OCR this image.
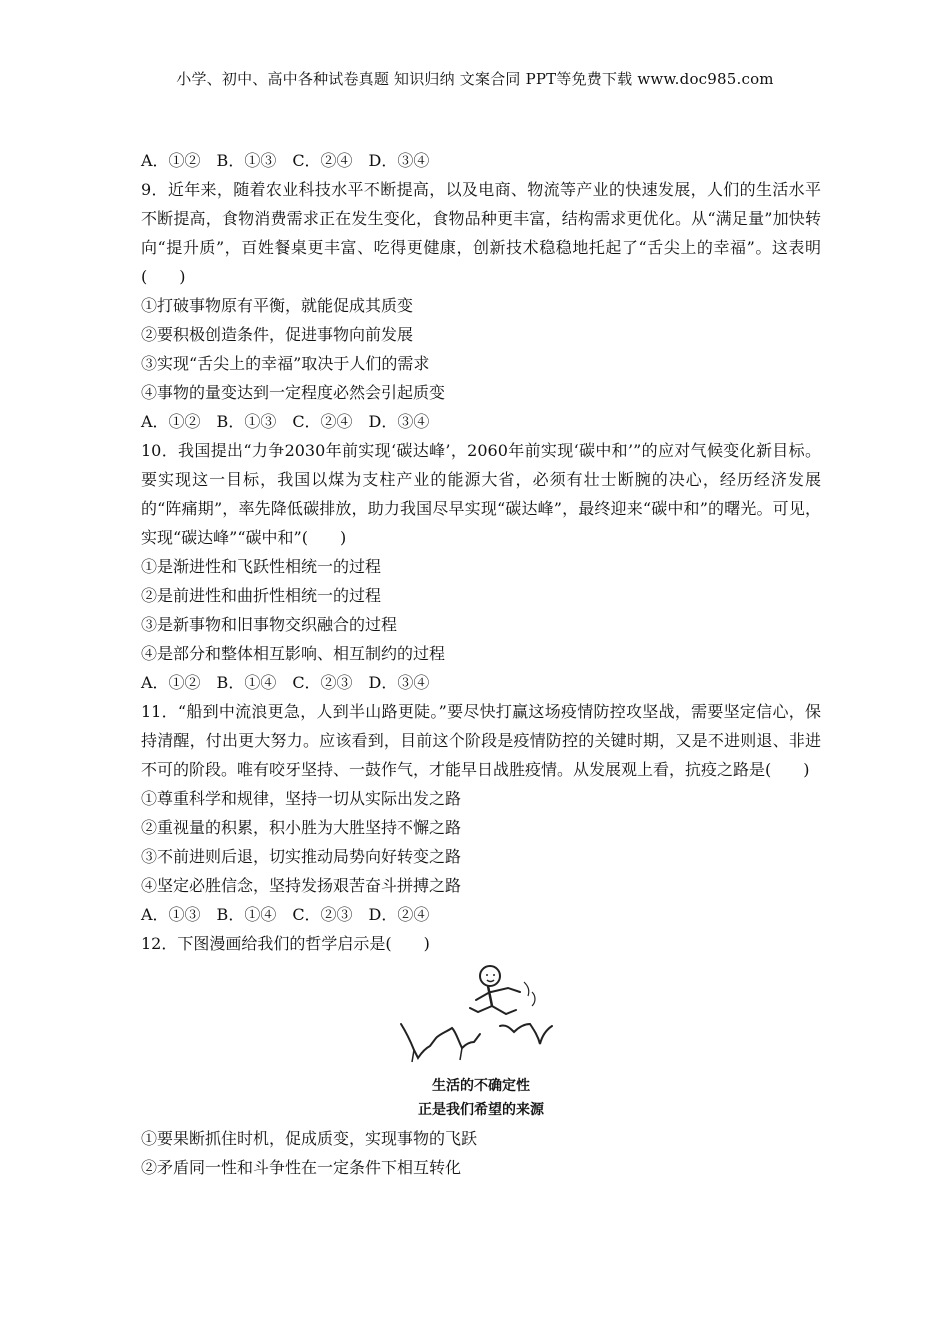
小学、初中、高中各种试卷真题 知识归纳 文案合同 PPT等免费下载 www.doc985.com
A．①②　B．①③　C．②④　D．③④

9．近年来，随着农业科技水平不断提高，以及电商、物流等产业的快速发展，人们的生活水平不断提高，食物消费需求正在发生变化，食物品种更丰富，结构需求更优化。从“满足量”加快转向“提升质”，百姓餐桌更丰富、吃得更健康，创新技术稳稳地托起了“舌尖上的幸福”。这表明(　　)

①打破事物原有平衡，就能促成其质变
②要积极创造条件，促进事物向前发展
③实现“舌尖上的幸福”取决于人们的需求
④事物的量变达到一定程度必然会引起质变
A．①②　B．①③　C．②④　D．③④

10．我国提出“力争2030年前实现‘碳达峰’，2060年前实现‘碳中和’”的应对气候变化新目标。要实现这一目标，我国以煤为支柱产业的能源大省，必须有壮士断腕的决心，经历经济发展的“阵痛期”，率先降低碳排放，助力我国尽早实现“碳达峰”，最终迎来“碳中和”的曙光。可见，实现“碳达峰”“碳中和”(　　)

①是渐进性和飞跃性相统一的过程
②是前进性和曲折性相统一的过程
③是新事物和旧事物交织融合的过程
④是部分和整体相互影响、相互制约的过程
A．①②　B．①④　C．②③　D．③④

11．“船到中流浪更急，人到半山路更陡。”要尽快打赢这场疫情防控攻坚战，需要坚定信心，保持清醒，付出更大努力。应该看到，目前这个阶段是疫情防控的关键时期，又是不进则退、非进不可的阶段。唯有咬牙坚持、一鼓作气，才能早日战胜疫情。从发展观上看，抗疫之路是(　　)

①尊重科学和规律，坚持一切从实际出发之路
②重视量的积累，积小胜为大胜坚持不懈之路
③不前进则后退，切实推动局势向好转变之路
④坚定必胜信念，坚持发扬艰苦奋斗拼搏之路
A．①③　B．①④　C．②③　D．②④
12．下图漫画给我们的哲学启示是(　　)
生活的不确定性
正是我们希望的来源
①要果断抓住时机，促成质变，实现事物的飞跃
②矛盾同一性和斗争性在一定条件下相互转化
